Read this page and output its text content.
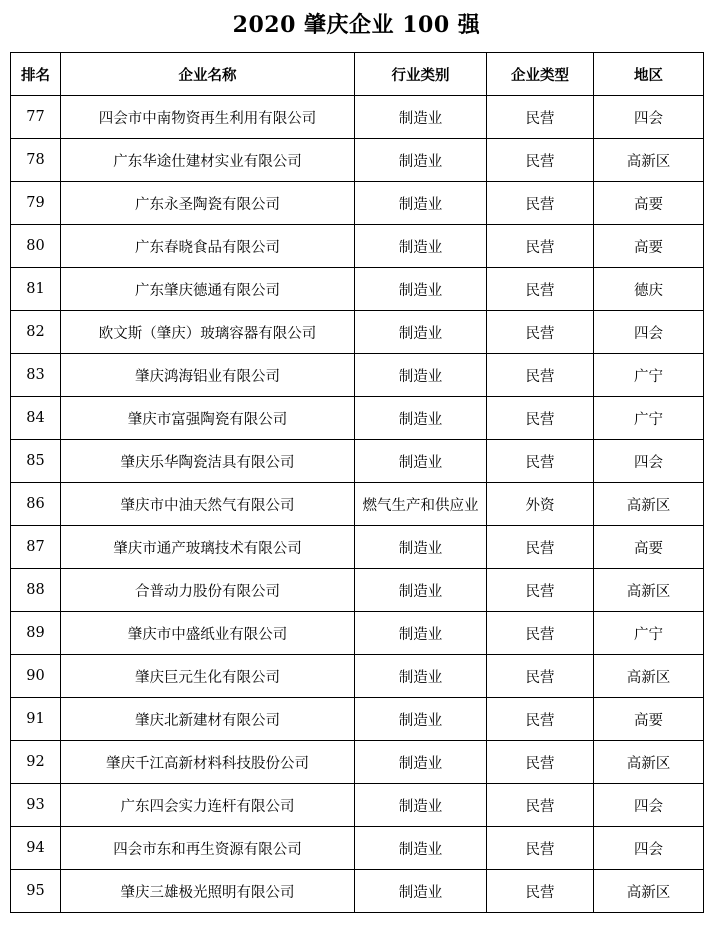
2020 肇庆企业 100 强
排名	企业名称	行业类别	企业类型	地区
77	四会市中南物资再生利用有限公司	制造业	民营	四会
78	广东华途仕建材实业有限公司	制造业	民营	高新区
79	广东永圣陶瓷有限公司	制造业	民营	高要
80	广东春晓食品有限公司	制造业	民营	高要
81	广东肇庆德通有限公司	制造业	民营	德庆
82	欧文斯（肇庆）玻璃容器有限公司	制造业	民营	四会
83	肇庆鸿海铝业有限公司	制造业	民营	广宁
84	肇庆市富强陶瓷有限公司	制造业	民营	广宁
85	肇庆乐华陶瓷洁具有限公司	制造业	民营	四会
86	肇庆市中油天然气有限公司	燃气生产和供应业	外资	高新区
87	肇庆市通产玻璃技术有限公司	制造业	民营	高要
88	合普动力股份有限公司	制造业	民营	高新区
89	肇庆市中盛纸业有限公司	制造业	民营	广宁
90	肇庆巨元生化有限公司	制造业	民营	高新区
91	肇庆北新建材有限公司	制造业	民营	高要
92	肇庆千江高新材料科技股份公司	制造业	民营	高新区
93	广东四会实力连杆有限公司	制造业	民营	四会
94	四会市东和再生资源有限公司	制造业	民营	四会
95	肇庆三雄极光照明有限公司	制造业	民营	高新区
